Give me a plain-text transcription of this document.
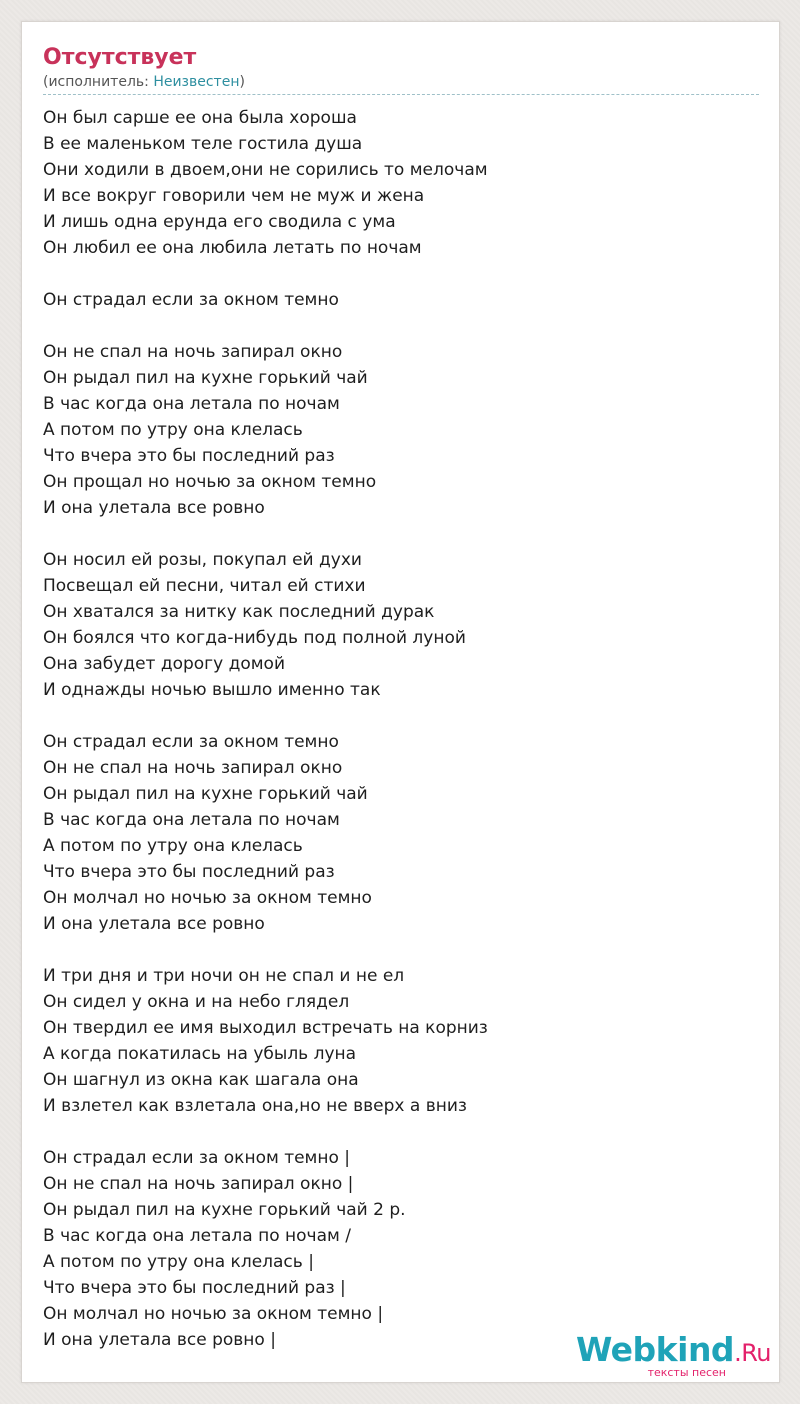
Отсутствует
(исполнитель: Неизвестен)
Он был сарше ее она была хороша
В ее маленьком теле гостила душа
Они ходили в двоем,они не сорились то мелочам
И все вокруг говорили чем не муж и жена
И лишь одна ерунда его сводила с ума
Он любил ее она любила летать по ночам
Он страдал если за окном темно
Он не спал на ночь запирал окно
Он рыдал пил на кухне горький чай
В час когда она летала по ночам
А потом по утру она клелась
Что вчера это бы последний раз
Он прощал но ночью за окном темно
И она улетала все ровно
Он носил ей розы, покупал ей духи
Посвещал ей песни, читал ей стихи
Он хватался за нитку как последний дурак
Он боялся что когда-нибудь под полной луной
Она забудет дорогу домой
И однажды ночью вышло именно так
Он страдал если за окном темно
Он не спал на ночь запирал окно
Он рыдал пил на кухне горький чай
В час когда она летала по ночам
А потом по утру она клелась
Что вчера это бы последний раз
Он молчал но ночью за окном темно
И она улетала все ровно
И три дня и три ночи он не спал и не ел
Он сидел у окна и на небо глядел
Он твердил ее имя выходил встречать на корниз
А когда покатилась на убыль луна
Он шагнул из окна как шагала она
И взлетел как взлетала она,но не вверх а вниз
Он страдал если за окном темно |
Он не спал на ночь запирал окно |
Он рыдал пил на кухне горький чай 2 р.
В час когда она летала по ночам /
А потом по утру она клелась |
Что вчера это бы последний раз |
Он молчал но ночью за окном темно |
И она улетала все ровно |	Webkind.Ru
тексты песен
